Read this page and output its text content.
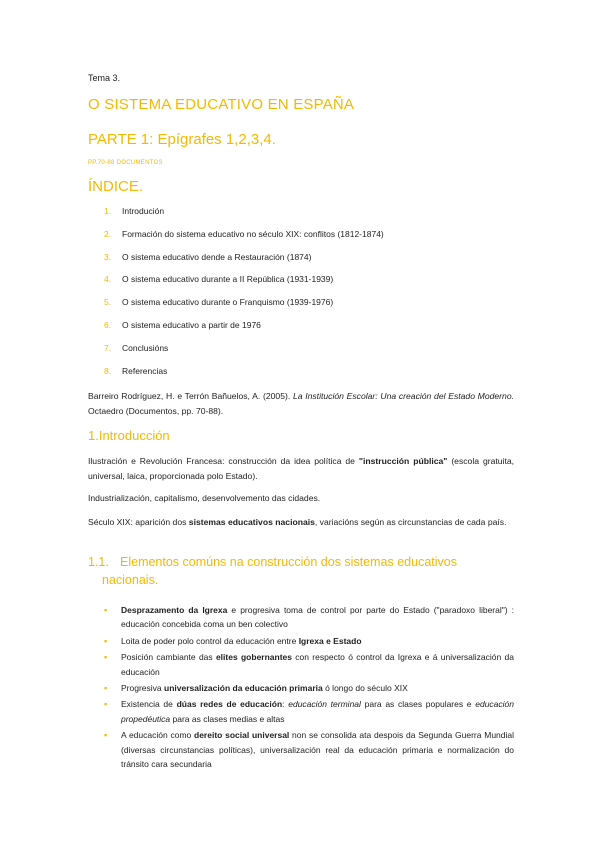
Tema 3.
O SISTEMA EDUCATIVO EN ESPAÑA
PARTE 1: Epígrafes 1,2,3,4.
PP.70-88 DOCUMENTOS
ÍNDICE.
1.	Introdución
2.	Formación do sistema educativo no século XIX: conflitos (1812-1874)
3.	O sistema educativo dende a Restauración (1874)
4.	O sistema educativo durante a II República (1931-1939)
5.	O sistema educativo durante o Franquismo (1939-1976)
6.	O sistema educativo a partir de 1976
7.	Conclusións
8.	Referencias
Barreiro Rodríguez, H. e Terrón Bañuelos, A. (2005). La Institución Escolar: Una creación del Estado Moderno. Octaedro (Documentos, pp. 70-88).
1.Introducción
Ilustración e Revolución Francesa: construcción da idea política de "instrucción pública" (escola gratuita, universal, laica, proporcionada polo Estado).
Industrialización, capitalismo, desenvolvemento das cidades.
Século XIX: aparición dos sistemas educativos nacionais, variacións según as circunstancias de cada país.
1.1. Elementos comúns na construcción dos sistemas educativos
nacionais.
▪ Desprazamento da Igrexa e progresiva toma de control por parte do Estado ("paradoxo liberal") : educación concebida coma un ben colectivo
▪ Loita de poder polo control da educación entre Igrexa e Estado
▪ Posición cambiante das elites gobernantes con respecto ó control da Igrexa e á universalización da educación
▪ Progresiva universalización da educación primaria ó longo do século XIX
▪ Existencia de dúas redes de educación: educación terminal para as clases populares e educación propedéutica para as clases medias e altas
▪ A educación como dereito social universal non se consolida ata despois da Segunda Guerra Mundial (diversas circunstancias políticas), universalización real da educación primaria e normalización do tránsito cara secundaria
